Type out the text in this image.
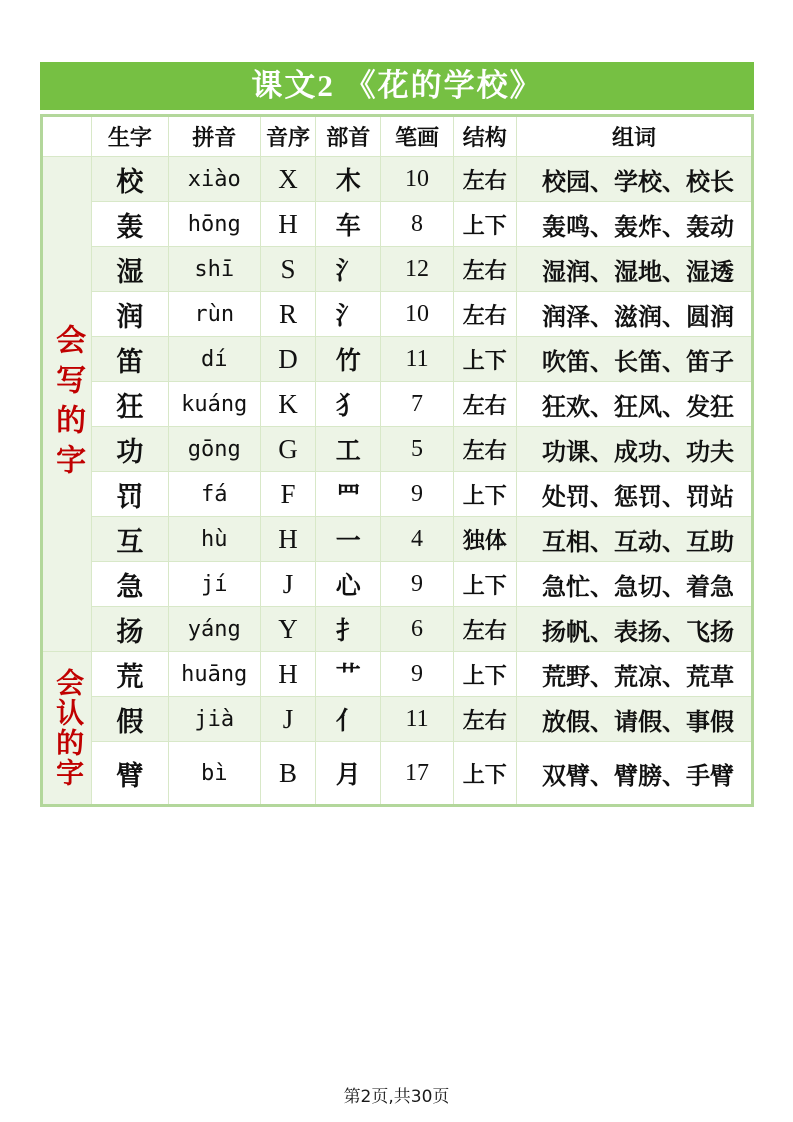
课文2 《花的学校》
	生字	拼音	音序	部首	笔画	结构	组词

会写的字	校	xiào	X	木	10	左右	校园、学校、校长
	轰	hōng	H	车	8	上下	轰鸣、轰炸、轰动
	湿	shī	S	氵	12	左右	湿润、湿地、湿透
	润	rùn	R	氵	10	左右	润泽、滋润、圆润
	笛	dí	D	竹	11	上下	吹笛、长笛、笛子
	狂	kuáng	K	犭	7	左右	狂欢、狂风、发狂
	功	gōng	G	工	5	左右	功课、成功、功夫
	罚	fá	F	罒	9	上下	处罚、惩罚、罚站
	互	hù	H	一	4	独体	互相、互动、互助
	急	jí	J	心	9	上下	急忙、急切、着急
	扬	yáng	Y	扌	6	左右	扬帆、表扬、飞扬

会认的字	荒	huāng	H	艹	9	上下	荒野、荒凉、荒草
	假	jià	J	亻	11	左右	放假、请假、事假
	臂	bì	B	月	17	上下	双臂、臂膀、手臂
第2页,共30页
